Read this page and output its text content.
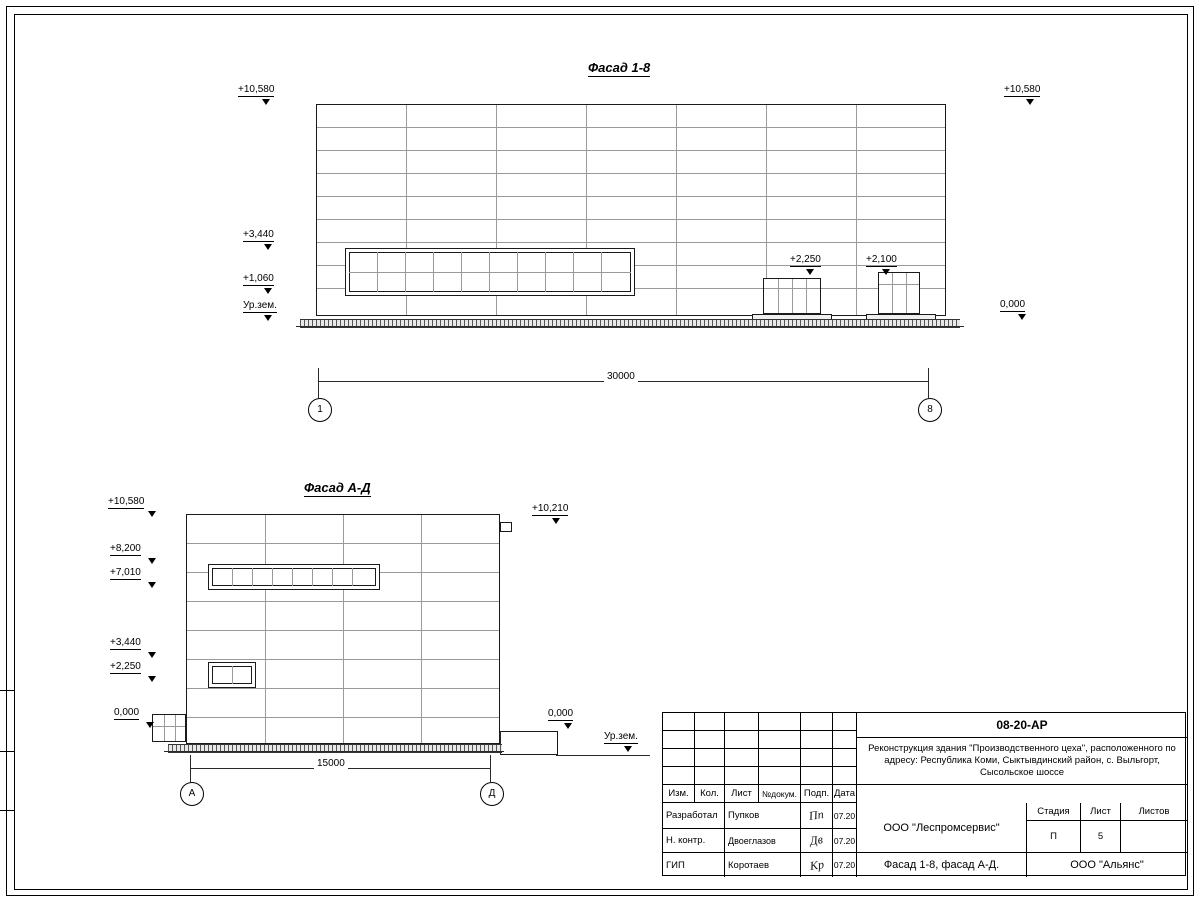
Фасад 1-8
+10,580
+3,440
+1,060
Ур.зем.
+10,580
0,000
+2,250	+2,100
30000
1	8
Фасад А-Д
+10,580
+8,200
+7,010
+3,440
+2,250
0,000
+10,210
0,000
Ур.зем.
15000
А	Д
08-20-АР
Реконструкция здания "Производственного цеха", расположенного по адресу: Республика Коми, Сыктывдинский район, с. Выльгорт, Сысольское шоссе
Изм.	Кол.	Лист	№докум. Подп. Дата
Разработал	Пупков	Пп 07.20
Н. контр.	Двоеглазов	Дв 07.20
ГИП	Коротаев	Кр 07.20
ООО "Леспромсервис"
Фасад 1-8, фасад А-Д.
Стадия	Лист	Листов
П	5
ООО "Альянс"
